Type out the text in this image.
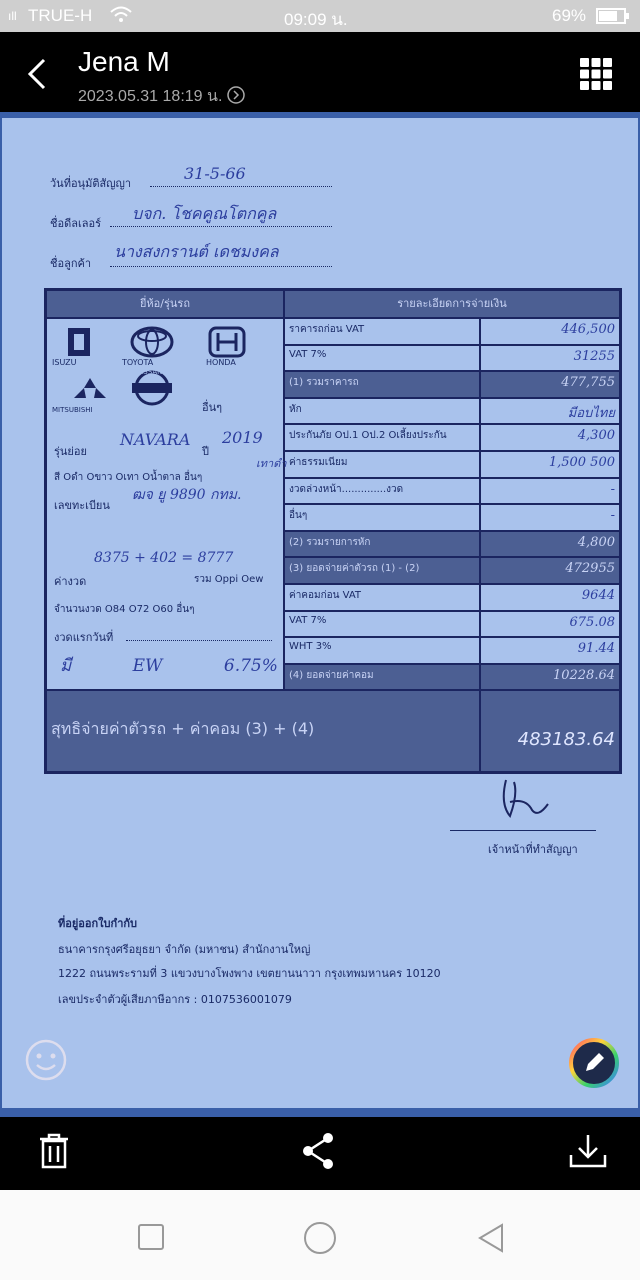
ıll TRUE-H	09:09 น.	69%
Jena M
2023.05.31 18:19 น.
วันที่อนุมัติสัญญา
31-5-66
ชื่อดีลเลอร์
บจก. โชคคูณโตกคูล
ชื่อลูกค้า
นางสงกรานต์ เดชมงคล
ยี่ห้อ/รุ่นรถ	รายละเอียดการจ่ายเงิน
ISUZU	TOYOTA	HONDA
MITSUBISHI
NISSAN
อื่นๆ
รุ่นย่อย
NAVARA
ปี
2019
สี Oดำ Oขาว Oเทา Oน้ำตาล อื่นๆ
เทาดำ
เลขทะเบียน
ฒจ ยู 9890 กทม.
ค่างวด
8375 + 402 = 8777
รวม Oppi Oew
จำนวนงวด O84 O72 O60 อื่นๆ
งวดแรกวันที่
มี EW 6.75%
ราคารถก่อน VAT	446,500
VAT 7%	31255
(1) รวมราคารถ	477,755
หัก	มีอบไทย
ประกันภัย Oป.1 Oป.2 Oเลี้ยงประกัน	4,300
ค่าธรรมเนียม	1,500 500
งวดล่วงหน้า..............งวด	-
อื่นๆ	-
(2) รวมรายการหัก	4,800
(3) ยอดจ่ายค่าตัวรถ (1) - (2)	472955
ค่าคอมก่อน VAT	9644
VAT 7%	675.08
WHT 3%	91.44
(4) ยอดจ่ายค่าคอม	10228.64
สุทธิจ่ายค่าตัวรถ + ค่าคอม (3) + (4)
483183.64
เจ้าหน้าที่ทำสัญญา
ที่อยู่ออกใบกำกับ
ธนาคารกรุงศรีอยุธยา จำกัด (มหาชน) สำนักงานใหญ่
1222 ถนนพระรามที่ 3 แขวงบางโพงพาง เขตยานนาวา กรุงเทพมหานคร 10120
เลขประจำตัวผู้เสียภาษีอากร : 0107536001079
